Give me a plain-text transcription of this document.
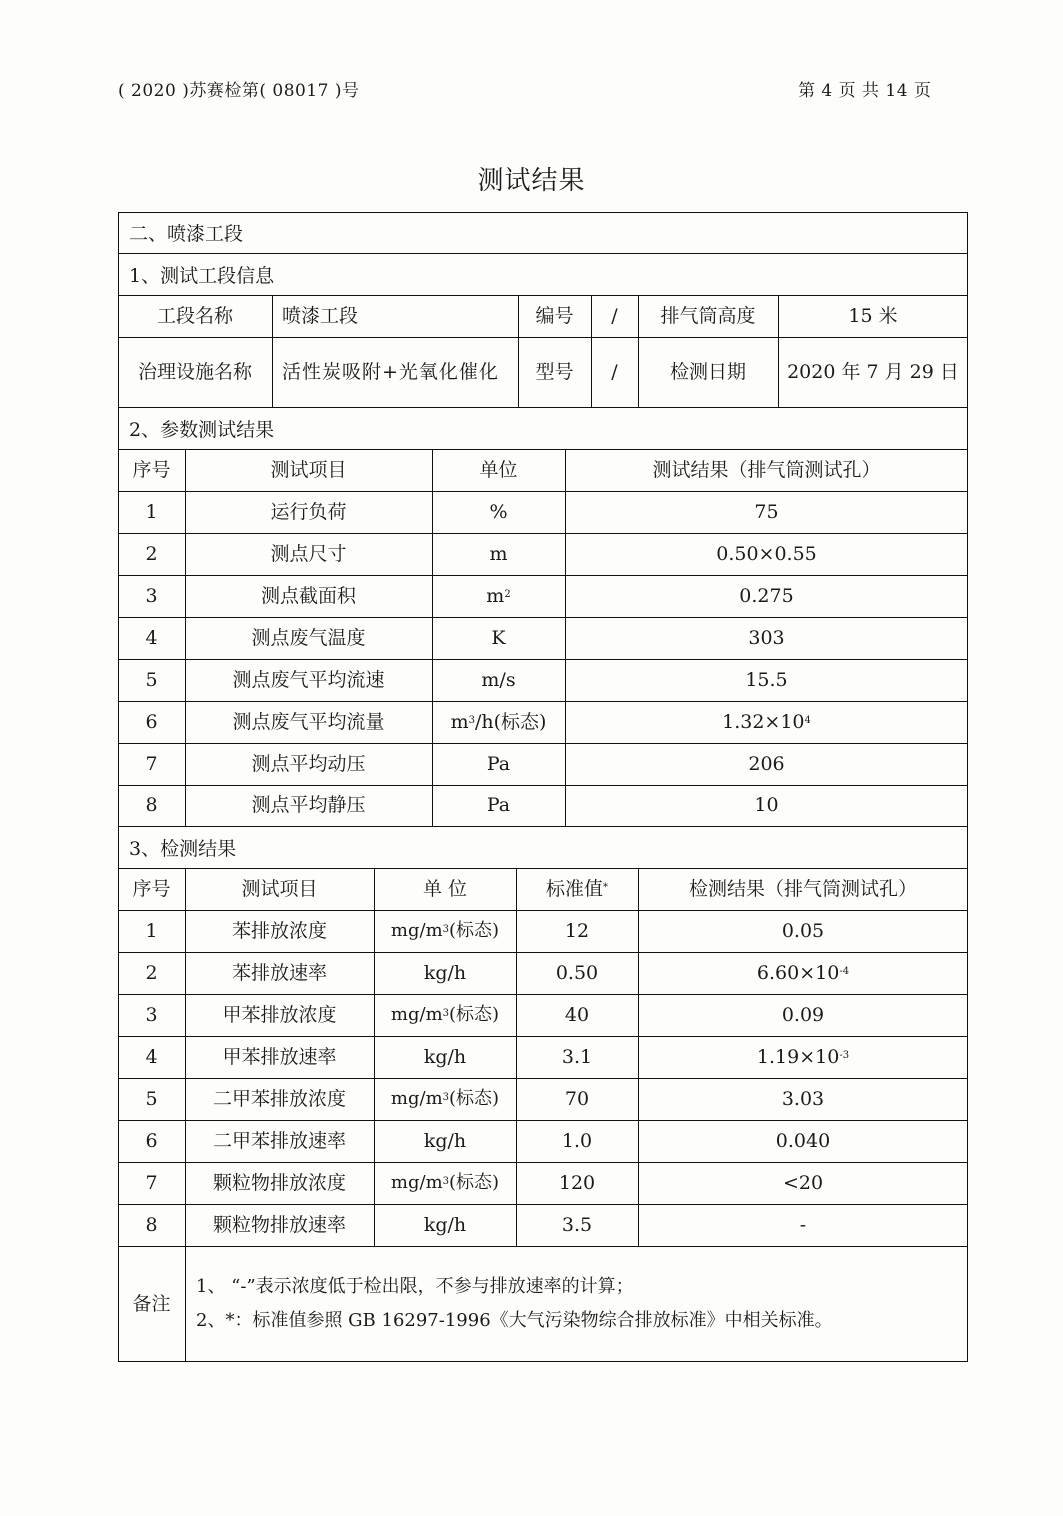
( 2020 )苏赛检第( 08017 )号	第 4 页 共 14 页
测试结果
二、喷漆工段
1、测试工段信息
2、参数测试结果
3、检测结果
工段名称	喷漆工段	编号	/	排气筒高度	15 米
治理设施名称	活性炭吸附+光氧化催化	型号	/	检测日期	2020 年 7 月 29 日
序号	测试项目	单位	测试结果（排气筒测试孔）
1	运行负荷	%	75
2	测点尺寸	m	0.50×0.55
3	测点截面积	$m^2$	0.275
4	测点废气温度	K	303
5	测点废气平均流速	m/s	15.5
6	测点废气平均流量	$m^3$ /h(标态)	$1.32\times 10^4$
7	测点平均动压	Pa	206
8	测点平均静压	Pa	10
序号	测试项目	单 位	标准值*	检测结果（排气筒测试孔）
1	苯排放浓度	$mg/m^3$ (标态)	12	0.05
2	苯排放速率	kg/h	0.50	$6.60\times 10^{-4}$
3	甲苯排放浓度	$mg/m^3$ (标态)	40	0.09
4	甲苯排放速率	kg/h	3.1	$1.19\times 10^{-3}$
5	二甲苯排放浓度	$mg/m^3$ (标态)	70	3.03
6	二甲苯排放速率	kg/h	1.0	0.040
7	颗粒物排放浓度	$mg/m^3$ (标态)	120	<20
8	颗粒物排放速率	kg/h	3.5	-
备注
1、 “-”表示浓度低于检出限，不参与排放速率的计算；
2、*：标准值参照 GB 16297-1996《大气污染物综合排放标准》中相关标准。
